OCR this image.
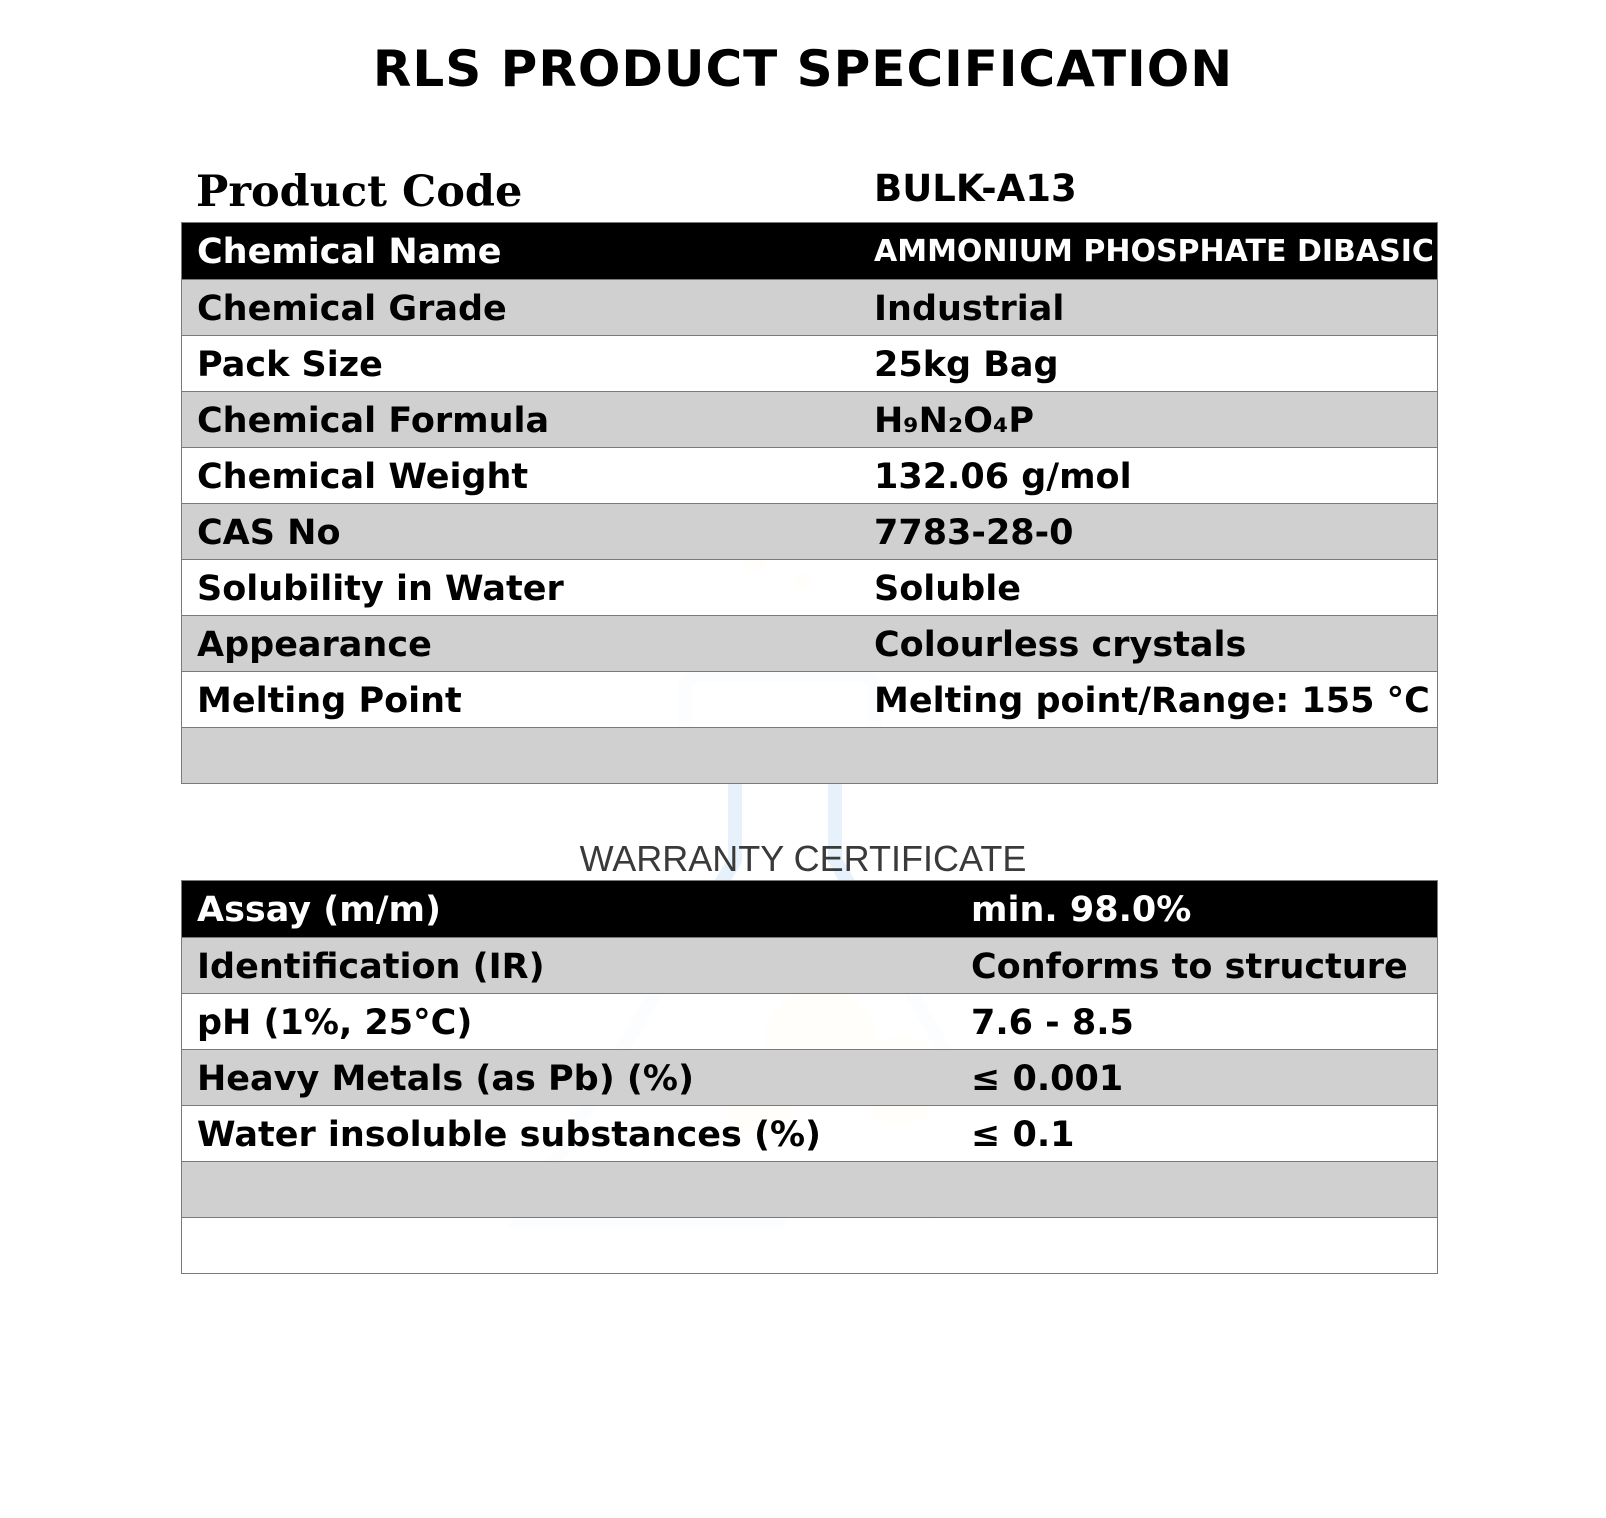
RLS PRODUCT SPECIFICATION
Product Code	BULK-A13
Chemical Name	AMMONIUM PHOSPHATE DIBASIC
Chemical Grade	Industrial
Pack Size	25kg Bag
Chemical Formula	H₉N₂O₄P
Chemical Weight	132.06 g/mol
CAS No	7783-28-0
Solubility in Water	Soluble
Appearance	Colourless crystals
Melting Point	Melting point/Range: 155 °C
WARRANTY CERTIFICATE
Assay (m/m)	min. 98.0%
Identification (IR)	Conforms to structure
pH (1%, 25°C)	7.6 - 8.5
Heavy Metals (as Pb) (%)	≤ 0.001
Water insoluble substances (%)	≤ 0.1
